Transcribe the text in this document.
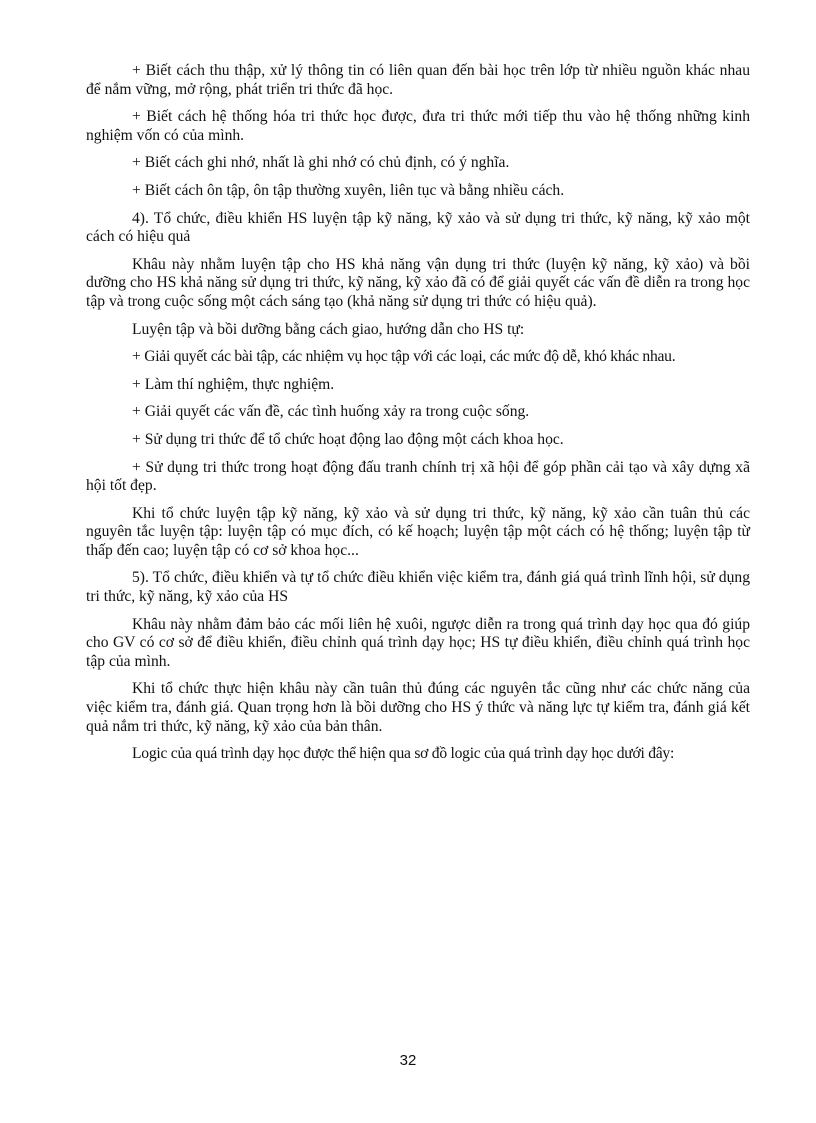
+ Biết cách thu thập, xử lý thông tin có liên quan đến bài học trên lớp từ nhiều nguồn khác nhau để nắm vững, mở rộng, phát triển tri thức đã học.

+ Biết cách hệ thống hóa tri thức học được, đưa tri thức mới tiếp thu vào hệ thống những kinh nghiệm vốn có của mình.

+ Biết cách ghi nhớ, nhất là ghi nhớ có chủ định, có ý nghĩa.

+ Biết cách ôn tập, ôn tập thường xuyên, liên tục và bằng nhiều cách.

4). Tổ chức, điều khiển HS luyện tập kỹ năng, kỹ xảo và sử dụng tri thức, kỹ năng, kỹ xảo một cách có hiệu quả

Khâu này nhằm luyện tập cho HS khả năng vận dụng tri thức (luyện kỹ năng, kỹ xảo) và bồi dưỡng cho HS khả năng sử dụng tri thức, kỹ năng, kỹ xảo đã có để giải quyết các vấn đề diễn ra trong học tập và trong cuộc sống một cách sáng tạo (khả năng sử dụng tri thức có hiệu quả).

Luyện tập và bồi dưỡng bằng cách giao, hướng dẫn cho HS tự:

+ Giải quyết các bài tập, các nhiệm vụ học tập với các loại, các mức độ dễ, khó khác nhau.

+ Làm thí nghiệm, thực nghiệm.

+ Giải quyết các vấn đề, các tình huống xảy ra trong cuộc sống.

+ Sử dụng tri thức để tổ chức hoạt động lao động một cách khoa học.

+ Sử dụng tri thức trong hoạt động đấu tranh chính trị xã hội để góp phần cải tạo và xây dựng xã hội tốt đẹp.

Khi tổ chức luyện tập kỹ năng, kỹ xảo và sử dụng tri thức, kỹ năng, kỹ xảo cần tuân thủ các nguyên tắc luyện tập: luyện tập có mục đích, có kế hoạch; luyện tập một cách có hệ thống; luyện tập từ thấp đến cao; luyện tập có cơ sở khoa học...

5). Tổ chức, điều khiển và tự tổ chức điều khiển việc kiểm tra, đánh giá quá trình lĩnh hội, sử dụng tri thức, kỹ năng, kỹ xảo của HS

Khâu này nhằm đảm bảo các mối liên hệ xuôi, ngược diễn ra trong quá trình dạy học qua đó giúp cho GV có cơ sở để điều khiển, điều chỉnh quá trình dạy học; HS tự điều khiển, điều chỉnh quá trình học tập của mình.

Khi tổ chức thực hiện khâu này cần tuân thủ đúng các nguyên tắc cũng như các chức năng của việc kiểm tra, đánh giá. Quan trọng hơn là bồi dưỡng cho HS ý thức và năng lực tự kiểm tra, đánh giá kết quả nắm tri thức, kỹ năng, kỹ xảo của bản thân.

Logic của quá trình dạy học được thể hiện qua sơ đồ logic của quá trình dạy học dưới đây:

32
